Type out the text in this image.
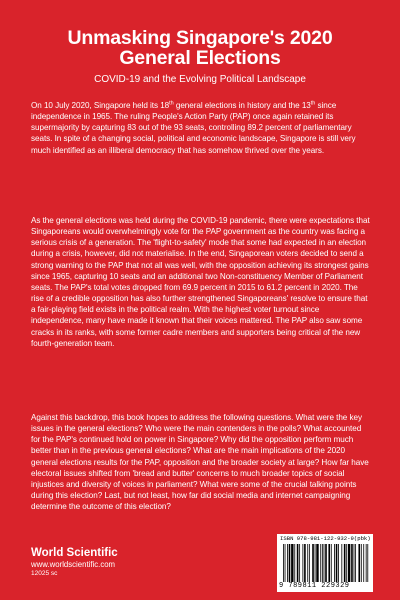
Unmasking Singapore's 2020
General Elections
COVID-19 and the Evolving Political Landscape
On 10 July 2020, Singapore held its 18th general elections in history and the 13th since independence in 1965. The ruling People's Action Party (PAP) once again retained its supermajority by capturing 83 out of the 93 seats, controlling 89.2 percent of parliamentary seats. In spite of a changing social, political and economic landscape, Singapore is still very much identified as an illiberal democracy that has somehow thrived over the years.
As the general elections was held during the COVID-19 pandemic, there were expectations that Singaporeans would overwhelmingly vote for the PAP government as the country was facing a serious crisis of a generation. The 'flight-to-safety' mode that some had expected in an election during a crisis, however, did not materialise. In the end, Singaporean voters decided to send a strong warning to the PAP that not all was well, with the opposition achieving its strongest gains since 1965, capturing 10 seats and an additional two Non-constituency Member of Parliament seats. The PAP's total votes dropped from 69.9 percent in 2015 to 61.2 percent in 2020. The rise of a credible opposition has also further strengthened Singaporeans' resolve to ensure that a fair-playing field exists in the political realm. With the highest voter turnout since independence, many have made it known that their voices mattered. The PAP also saw some cracks in its ranks, with some former cadre members and supporters being critical of the new fourth-generation team.
Against this backdrop, this book hopes to address the following questions. What were the key issues in the general elections? Who were the main contenders in the polls? What accounted for the PAP's continued hold on power in Singapore? Why did the opposition perform much better than in the previous general elections? What are the main implications of the 2020 general elections results for the PAP, opposition and the broader society at large? How far have electoral issues shifted from 'bread and butter' concerns to much broader topics of social injustices and diversity of voices in parliament? What were some of the crucial talking points during this election? Last, but not least, how far did social media and internet campaigning determine the outcome of this election?
World Scientific
www.worldscientific.com
12025 sc
ISBN 978-981-122-932-9(pbk)
9 789811 229329
